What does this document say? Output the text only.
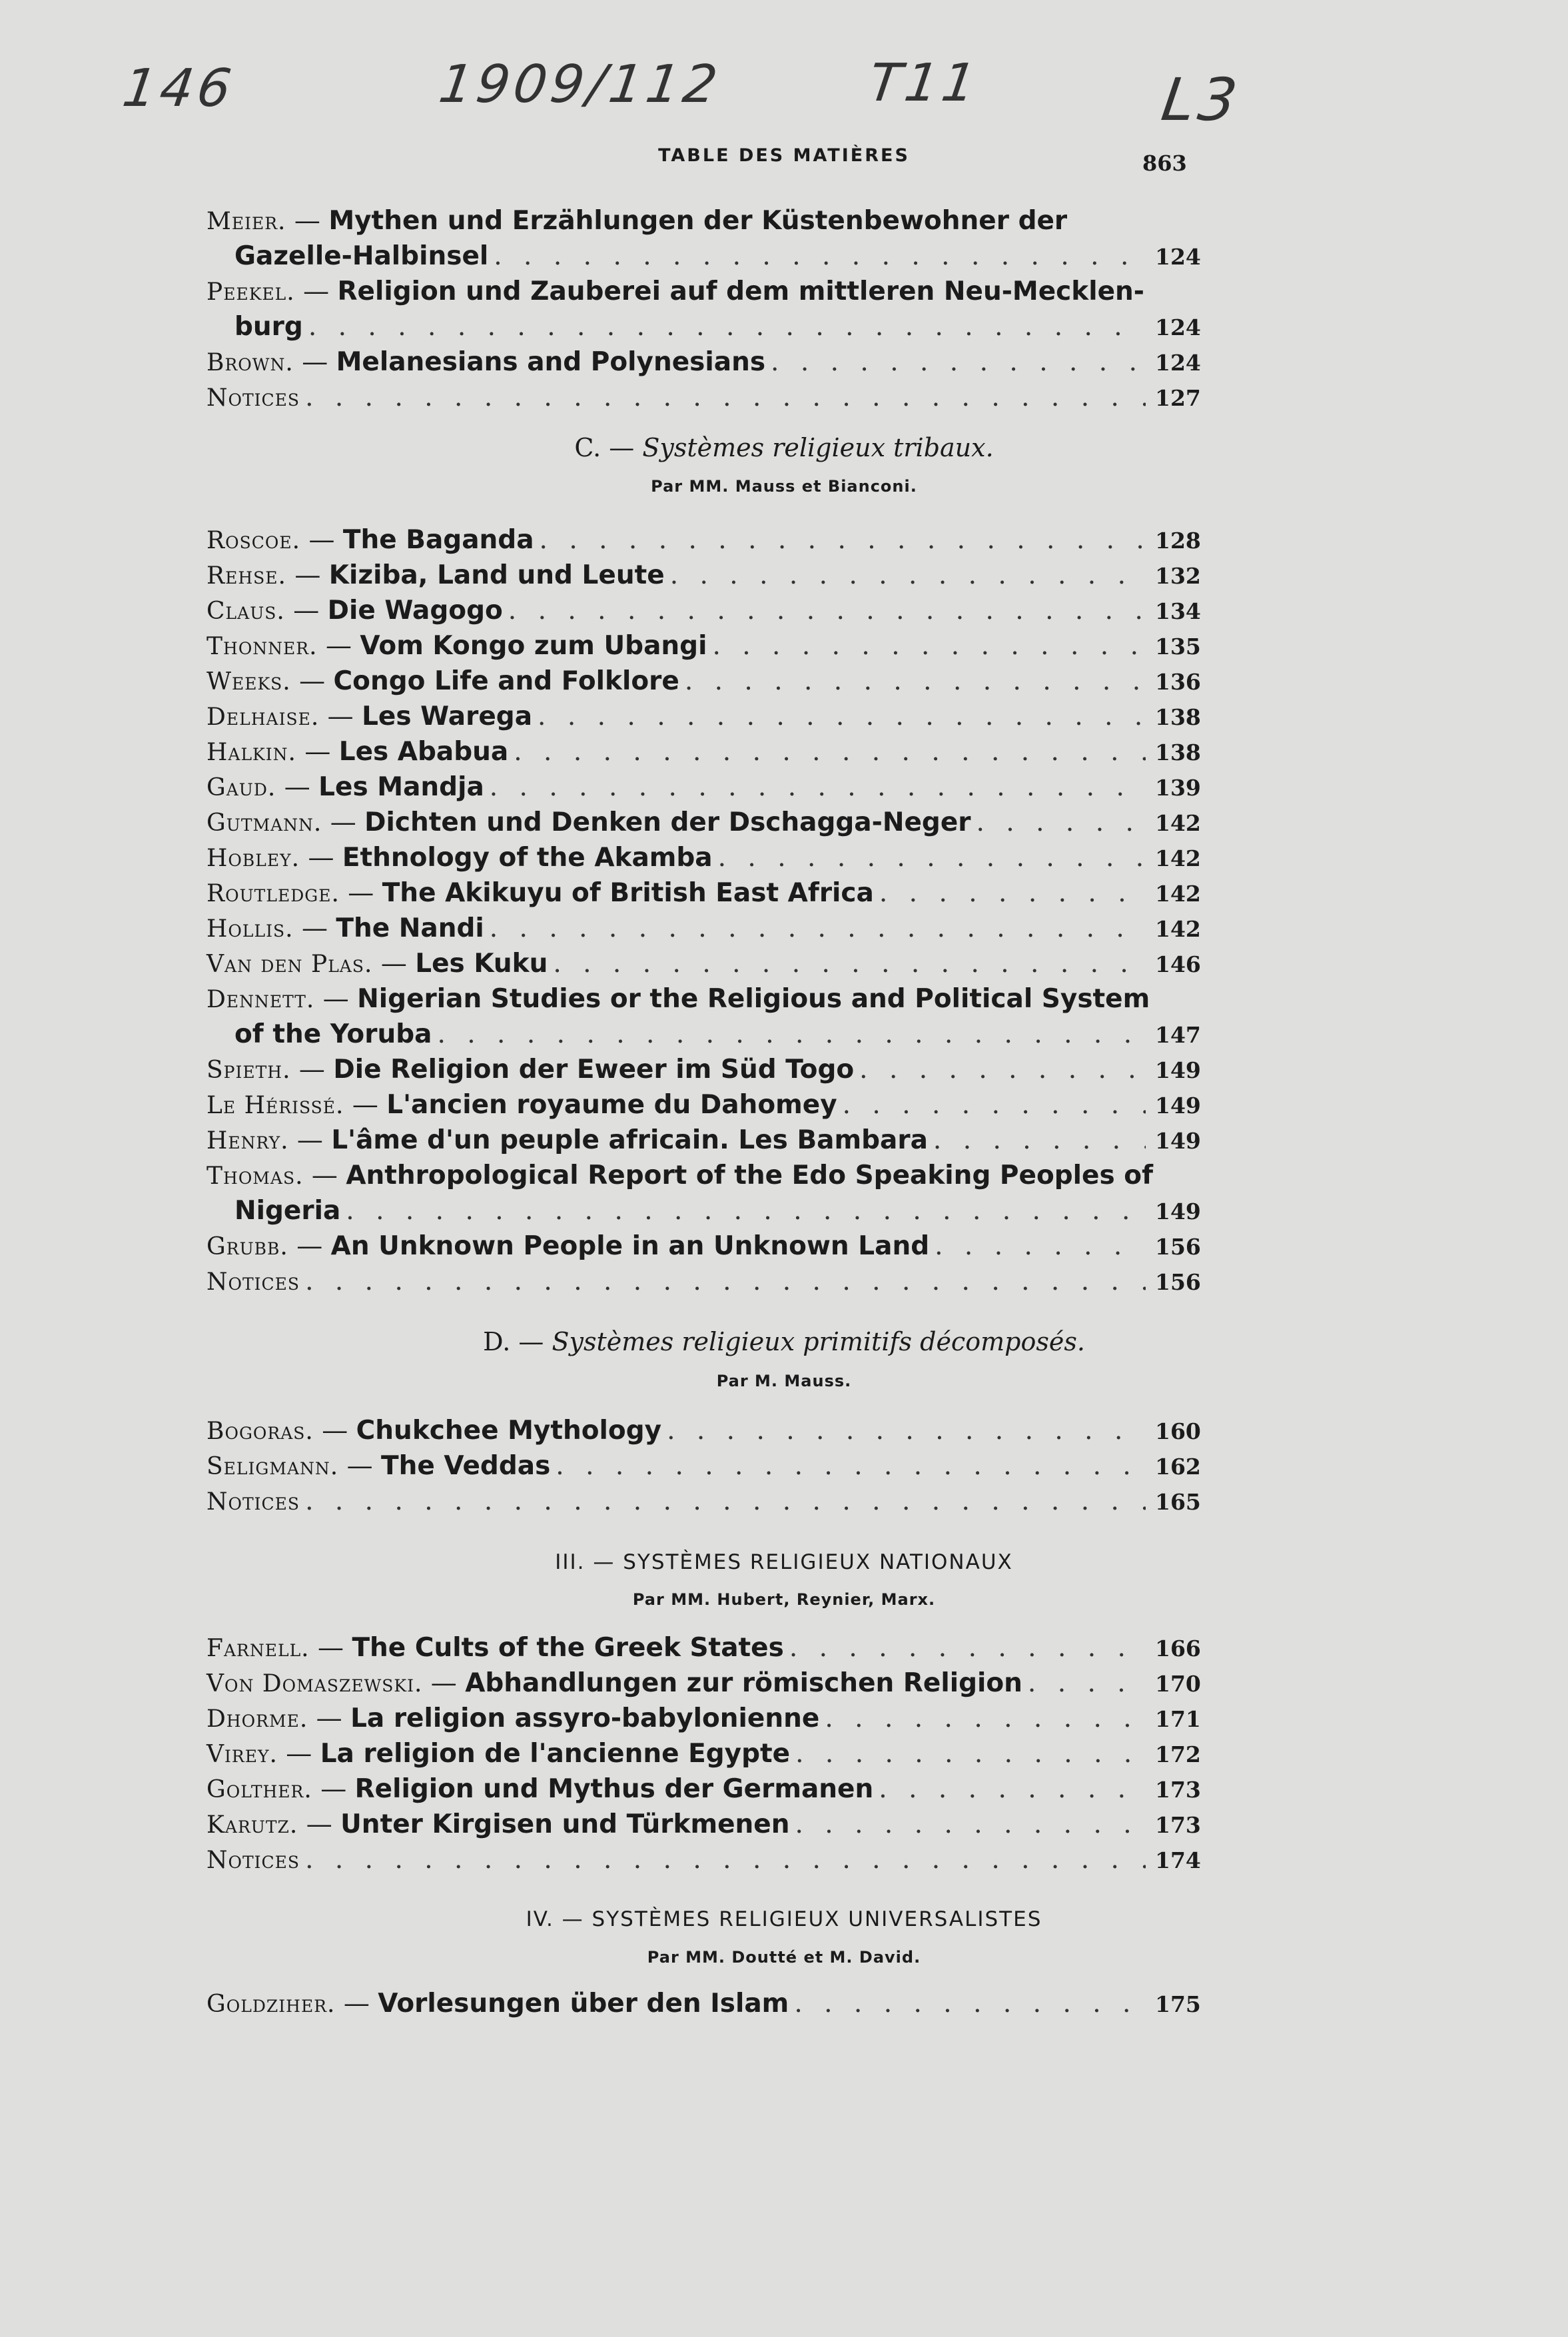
146	1909/112	T11	L3
TABLE DES MATIÈRES	863
Meier. — Mythen und Erzählungen der Küstenbewohner der
Gazelle-Halbinsel . . .	124
Peekel. — Religion und Zauberei auf dem mittleren Neu-Mecklen-
burg . . .	124
Brown. — Melanesians and Polynesians . . .	124
Notices . . .	127
C. — Systèmes religieux tribaux.
Par MM. Mauss et Bianconi.
Roscoe. — The Baganda . . .	128
Rehse. — Kiziba, Land und Leute . . .	132
Claus. — Die Wagogo . . .	134
Thonner. — Vom Kongo zum Ubangi . . .	135
Weeks. — Congo Life and Folklore . . .	136
Delhaise. — Les Warega . . .	138
Halkin. — Les Ababua . . .	138
Gaud. — Les Mandja . . .	139
Gutmann. — Dichten und Denken der Dschagga-Neger . . .	142
Hobley. — Ethnology of the Akamba . . .	142
Routledge. — The Akikuyu of British East Africa . . .	142
Hollis. — The Nandi . . .	142
Van den Plas. — Les Kuku . . .	146
Dennett. — Nigerian Studies or the Religious and Political System
of the Yoruba . . .	147
Spieth. — Die Religion der Eweer im Süd Togo . . .	149
Le Hérissé. — L'ancien royaume du Dahomey . . .	149
Henry. — L'âme d'un peuple africain. Les Bambara . . .	149
Thomas. — Anthropological Report of the Edo Speaking Peoples of
Nigeria . . .	149
Grubb. — An Unknown People in an Unknown Land . . .	156
Notices . . .	156
D. — Systèmes religieux primitifs décomposés.
Par M. Mauss.
Bogoras. — Chukchee Mythology . . .	160
Seligmann. — The Veddas . . .	162
Notices . . .	165
III. — SYSTÈMES RELIGIEUX NATIONAUX
Par MM. Hubert, Reynier, Marx.
Farnell. — The Cults of the Greek States . . .	166
Von Domaszewski. — Abhandlungen zur römischen Religion . . .	170
Dhorme. — La religion assyro-babylonienne . . .	171
Virey. — La religion de l'ancienne Egypte . . .	172
Golther. — Religion und Mythus der Germanen . . .	173
Karutz. — Unter Kirgisen und Türkmenen . . .	173
Notices . . .	174
IV. — SYSTÈMES RELIGIEUX UNIVERSALISTES
Par MM. Doutté et M. David.
Goldziher. — Vorlesungen über den Islam . . .	175
